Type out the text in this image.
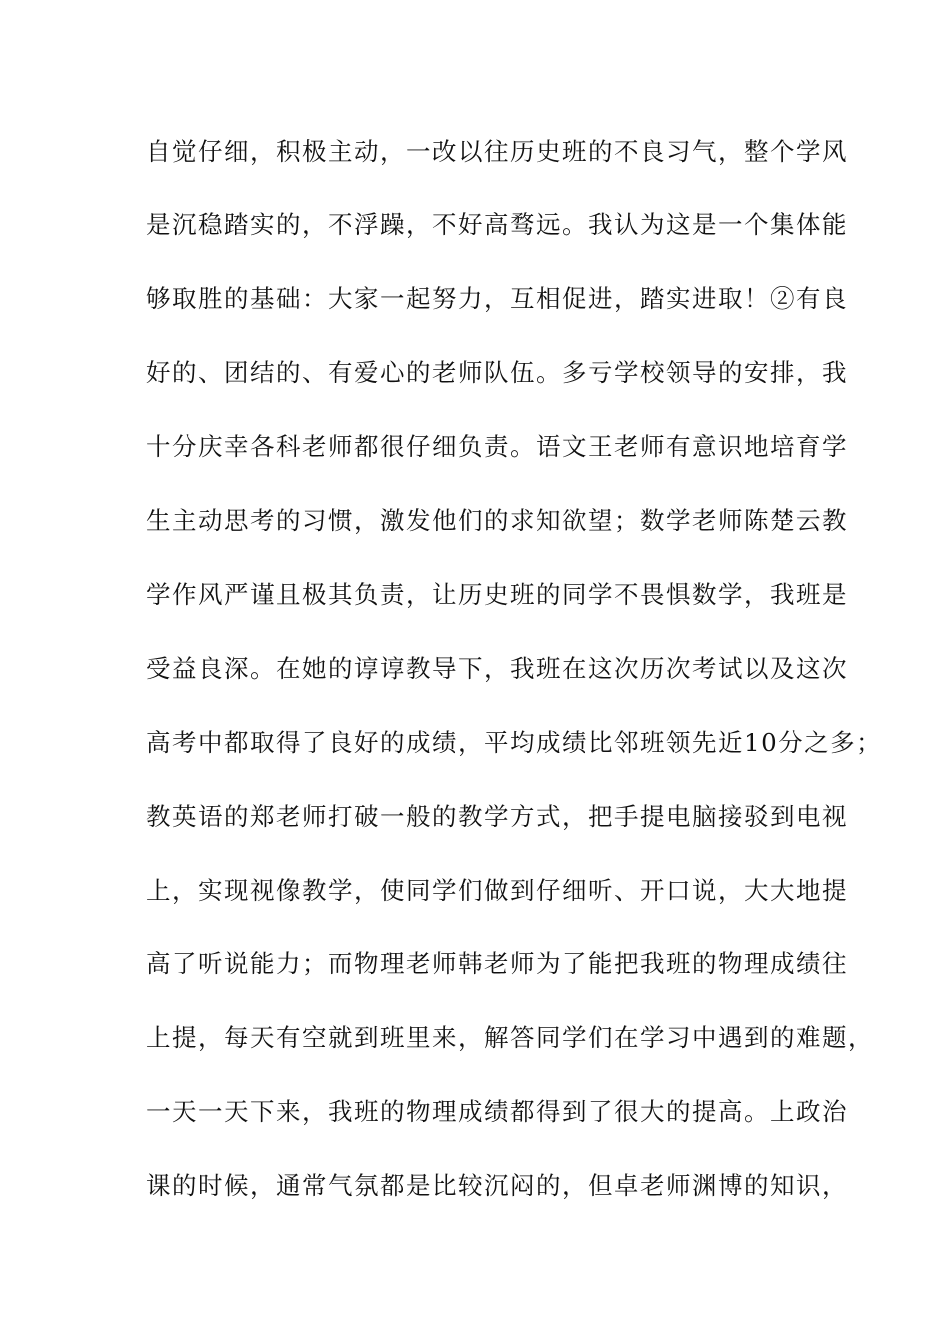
自觉仔细，积极主动，一改以往历史班的不良习气，整个学风
是沉稳踏实的，不浮躁，不好高骛远。我认为这是一个集体能
够取胜的基础：大家一起努力，互相促进，踏实进取！②有良
好的、团结的、有爱心的老师队伍。多亏学校领导的安排，我
十分庆幸各科老师都很仔细负责。语文王老师有意识地培育学
生主动思考的习惯，激发他们的求知欲望；数学老师陈楚云教
学作风严谨且极其负责，让历史班的同学不畏惧数学，我班是
受益良深。在她的谆谆教导下，我班在这次历次考试以及这次
高考中都取得了良好的成绩，平均成绩比邻班领先近10分之多；
教英语的郑老师打破一般的教学方式，把手提电脑接驳到电视
上，实现视像教学，使同学们做到仔细听、开口说，大大地提
高了听说能力；而物理老师韩老师为了能把我班的物理成绩往
上提，每天有空就到班里来，解答同学们在学习中遇到的难题，
一天一天下来，我班的物理成绩都得到了很大的提高。上政治
课的时候，通常气氛都是比较沉闷的，但卓老师渊博的知识，
